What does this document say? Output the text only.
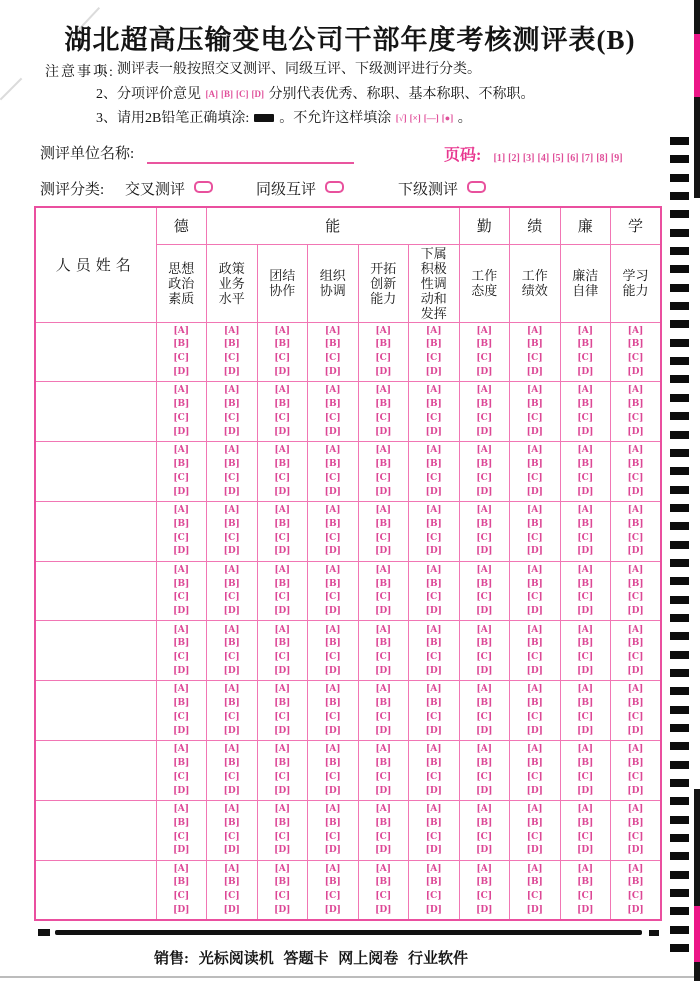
湖北超高压输变电公司干部年度考核测评表(B)
注意事项:
1、测评表一般按照交叉测评、同级互评、下级测评进行分类。
2、分项评价意见 [A] [B] [C] [D] 分别代表优秀、称职、基本称职、不称职。
3、请用2B铅笔正确填涂: 。不允许这样填涂 [√] [×] [—] [●] 。
测评单位名称:	页码: [1] [2] [3] [4] [5] [6] [7] [8] [9]
测评分类: 交叉测评	同级互评	下级测评
人员姓名	德	能					勤	绩	廉	学
	思想政治素质	政策业务水平	团结协作	组织协调	开拓创新能力	下属积极性调动和发挥	工作态度	工作绩效	廉洁自律	学习能力

	[A]
[B]
[C]
[D]	[A]
[B]
[C]
[D]	[A]
[B]
[C]
[D]	[A]
[B]
[C]
[D]	[A]
[B]
[C]
[D]	[A]
[B]
[C]
[D]	[A]
[B]
[C]
[D]	[A]
[B]
[C]
[D]	[A]
[B]
[C]
[D]	[A]
[B]
[C]
[D]

	[A]
[B]
[C]
[D]	[A]
[B]
[C]
[D]	[A]
[B]
[C]
[D]	[A]
[B]
[C]
[D]	[A]
[B]
[C]
[D]	[A]
[B]
[C]
[D]	[A]
[B]
[C]
[D]	[A]
[B]
[C]
[D]	[A]
[B]
[C]
[D]	[A]
[B]
[C]
[D]

	[A]
[B]
[C]
[D]	[A]
[B]
[C]
[D]	[A]
[B]
[C]
[D]	[A]
[B]
[C]
[D]	[A]
[B]
[C]
[D]	[A]
[B]
[C]
[D]	[A]
[B]
[C]
[D]	[A]
[B]
[C]
[D]	[A]
[B]
[C]
[D]	[A]
[B]
[C]
[D]

	[A]
[B]
[C]
[D]	[A]
[B]
[C]
[D]	[A]
[B]
[C]
[D]	[A]
[B]
[C]
[D]	[A]
[B]
[C]
[D]	[A]
[B]
[C]
[D]	[A]
[B]
[C]
[D]	[A]
[B]
[C]
[D]	[A]
[B]
[C]
[D]	[A]
[B]
[C]
[D]

	[A]
[B]
[C]
[D]	[A]
[B]
[C]
[D]	[A]
[B]
[C]
[D]	[A]
[B]
[C]
[D]	[A]
[B]
[C]
[D]	[A]
[B]
[C]
[D]	[A]
[B]
[C]
[D]	[A]
[B]
[C]
[D]	[A]
[B]
[C]
[D]	[A]
[B]
[C]
[D]

	[A]
[B]
[C]
[D]	[A]
[B]
[C]
[D]	[A]
[B]
[C]
[D]	[A]
[B]
[C]
[D]	[A]
[B]
[C]
[D]	[A]
[B]
[C]
[D]	[A]
[B]
[C]
[D]	[A]
[B]
[C]
[D]	[A]
[B]
[C]
[D]	[A]
[B]
[C]
[D]

	[A]
[B]
[C]
[D]	[A]
[B]
[C]
[D]	[A]
[B]
[C]
[D]	[A]
[B]
[C]
[D]	[A]
[B]
[C]
[D]	[A]
[B]
[C]
[D]	[A]
[B]
[C]
[D]	[A]
[B]
[C]
[D]	[A]
[B]
[C]
[D]	[A]
[B]
[C]
[D]

	[A]
[B]
[C]
[D]	[A]
[B]
[C]
[D]	[A]
[B]
[C]
[D]	[A]
[B]
[C]
[D]	[A]
[B]
[C]
[D]	[A]
[B]
[C]
[D]	[A]
[B]
[C]
[D]	[A]
[B]
[C]
[D]	[A]
[B]
[C]
[D]	[A]
[B]
[C]
[D]

	[A]
[B]
[C]
[D]	[A]
[B]
[C]
[D]	[A]
[B]
[C]
[D]	[A]
[B]
[C]
[D]	[A]
[B]
[C]
[D]	[A]
[B]
[C]
[D]	[A]
[B]
[C]
[D]	[A]
[B]
[C]
[D]	[A]
[B]
[C]
[D]	[A]
[B]
[C]
[D]

	[A]
[B]
[C]
[D]	[A]
[B]
[C]
[D]	[A]
[B]
[C]
[D]	[A]
[B]
[C]
[D]	[A]
[B]
[C]
[D]	[A]
[B]
[C]
[D]	[A]
[B]
[C]
[D]	[A]
[B]
[C]
[D]	[A]
[B]
[C]
[D]	[A]
[B]
[C]
[D]
销售: 光标阅读机 答题卡 网上阅卷 行业软件
